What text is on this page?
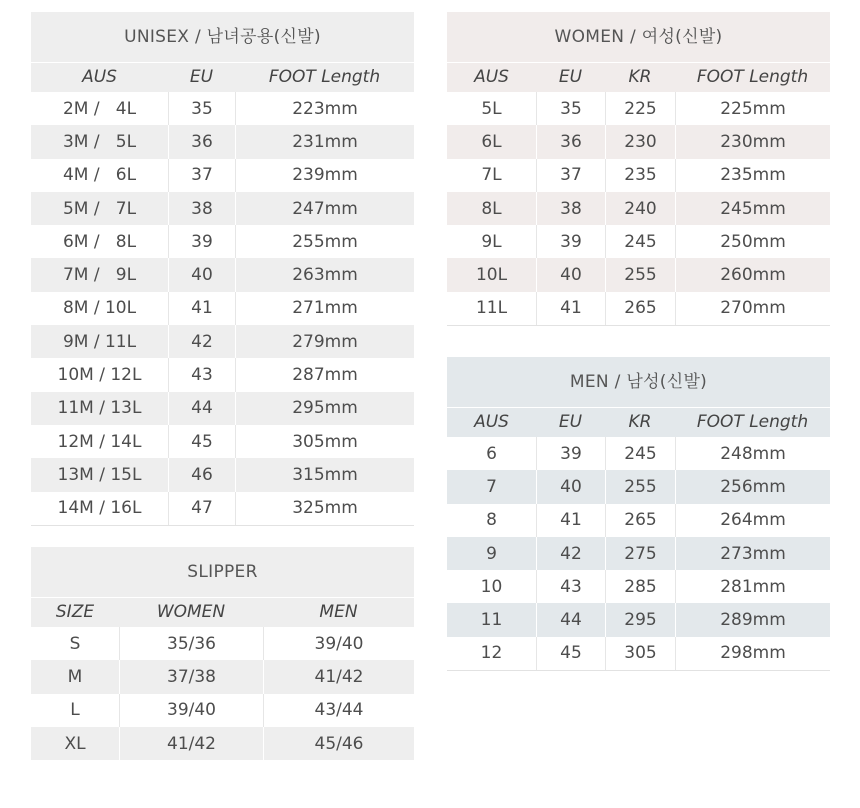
UNISEX / 남녀공용(신발)
AUS	EU	FOOT Length
2M /   4L	35	223mm
3M /   5L	36	231mm
4M /   6L	37	239mm
5M /   7L	38	247mm
6M /   8L	39	255mm
7M /   9L	40	263mm
8M / 10L	41	271mm
9M / 11L	42	279mm
10M / 12L	43	287mm
11M / 13L	44	295mm
12M / 14L	45	305mm
13M / 15L	46	315mm
14M / 16L	47	325mm
SLIPPER
SIZE	WOMEN	MEN
S	35/36	39/40
M	37/38	41/42
L	39/40	43/44
XL	41/42	45/46
WOMEN / 여성(신발)
AUS	EU	KR	FOOT Length
5L	35	225	225mm
6L	36	230	230mm
7L	37	235	235mm
8L	38	240	245mm
9L	39	245	250mm
10L	40	255	260mm
11L	41	265	270mm
MEN / 남성(신발)
AUS	EU	KR	FOOT Length
6	39	245	248mm
7	40	255	256mm
8	41	265	264mm
9	42	275	273mm
10	43	285	281mm
11	44	295	289mm
12	45	305	298mm
